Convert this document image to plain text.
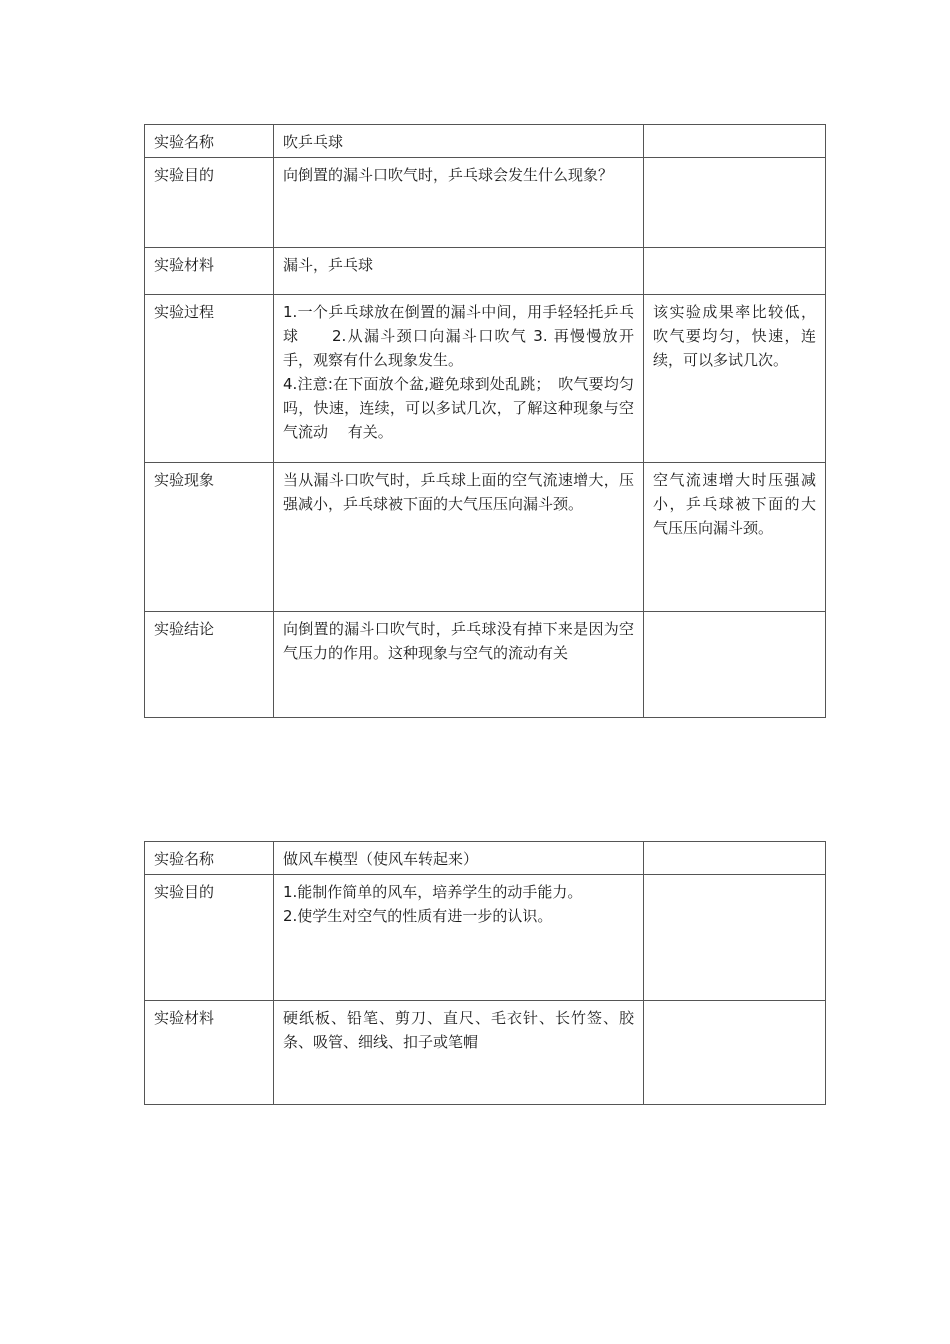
实验名称	吹乒乓球	

实验目的	向倒置的漏斗口吹气时，乒乓球会发生什么现象？	

实验材料	漏斗，乒乓球	

实验过程	1.一个乒乓球放在倒置的漏斗中间，用手轻轻托乒乓球　　2.从漏斗颈口向漏斗口吹气 3. 再慢慢放开手，观察有什么现象发生。
4.注意:在下面放个盆,避免球到处乱跳；　吹气要均匀吗，快速，连续，可以多试几次，了解这种现象与空气流动　 有关。	该实验成果率比较低，吹气要均匀，快速，连续，可以多试几次。

实验现象	当从漏斗口吹气时，乒乓球上面的空气流速增大，压强减小，乒乓球被下面的大气压压向漏斗颈。	空气流速增大时压强减小，乒乓球被下面的大气压压向漏斗颈。

实验结论	向倒置的漏斗口吹气时，乒乓球没有掉下来是因为空气压力的作用。这种现象与空气的流动有关	

实验名称	做风车模型（使风车转起来）	

实验目的	1.能制作简单的风车，培养学生的动手能力。
2.使学生对空气的性质有进一步的认识。	

实验材料	硬纸板、铅笔、剪刀、直尺、毛衣针、长竹签、胶条、吸管、细线、扣子或笔帽	
